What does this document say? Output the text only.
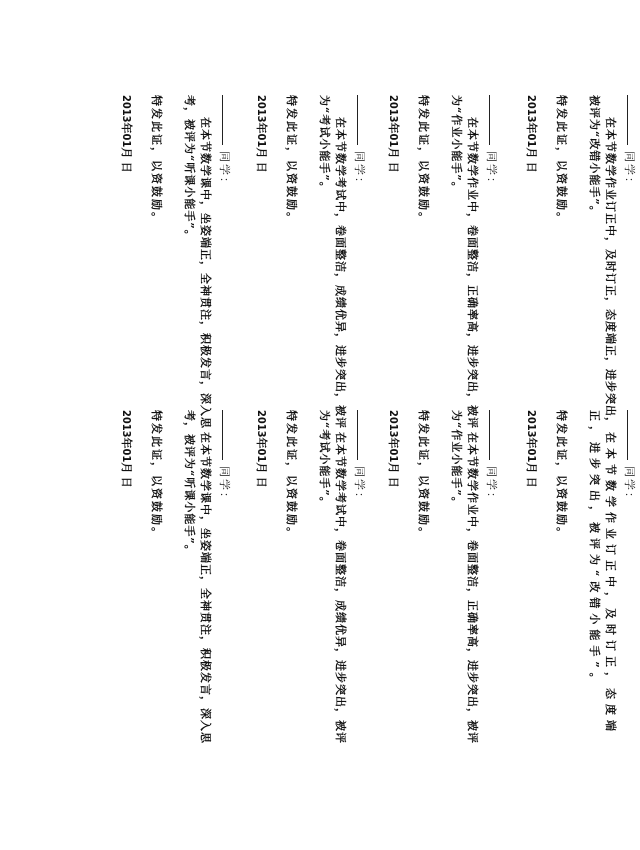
同学：
在本节数学课中，坐姿端正，全神贯注，积极发言，深入思考，被评为“听课小能手”。
特发此证，以资鼓励。
2013年01月 日	同学：
在本节数学考试中，卷面整洁，成绩优异，进步突出，被评为“考试小能手”。
特发此证，以资鼓励。
2013年01月 日	同学：
在本节数学作业中，卷面整洁，正确率高，进步突出，被评为“作业小能手”。
特发此证，以资鼓励。
2013年01月 日	同学：
在本节数学作业订正中，及时订正，态度端正，进步突出，被评为“改错小能手”。
特发此证，以资鼓励。
2013年01月 日
同学：
在本节数学课中，坐姿端正，全神贯注，积极发言，深入思考，被评为“听课小能手”。
特发此证，以资鼓励。
2013年01月 日	同学：
在本节数学考试中，卷面整洁，成绩优异，进步突出，被评为“考试小能手”。
特发此证，以资鼓励。
2013年01月 日	同学：
在本节数学作业中，卷面整洁，正确率高，进步突出，被评为“作业小能手”。
特发此证，以资鼓励。
2013年01月 日	同学：
在本节数学作业订正中，及时订正，态度端正，进步突出，被评为“改错小能手”。
特发此证，以资鼓励。
2013年01月 日
